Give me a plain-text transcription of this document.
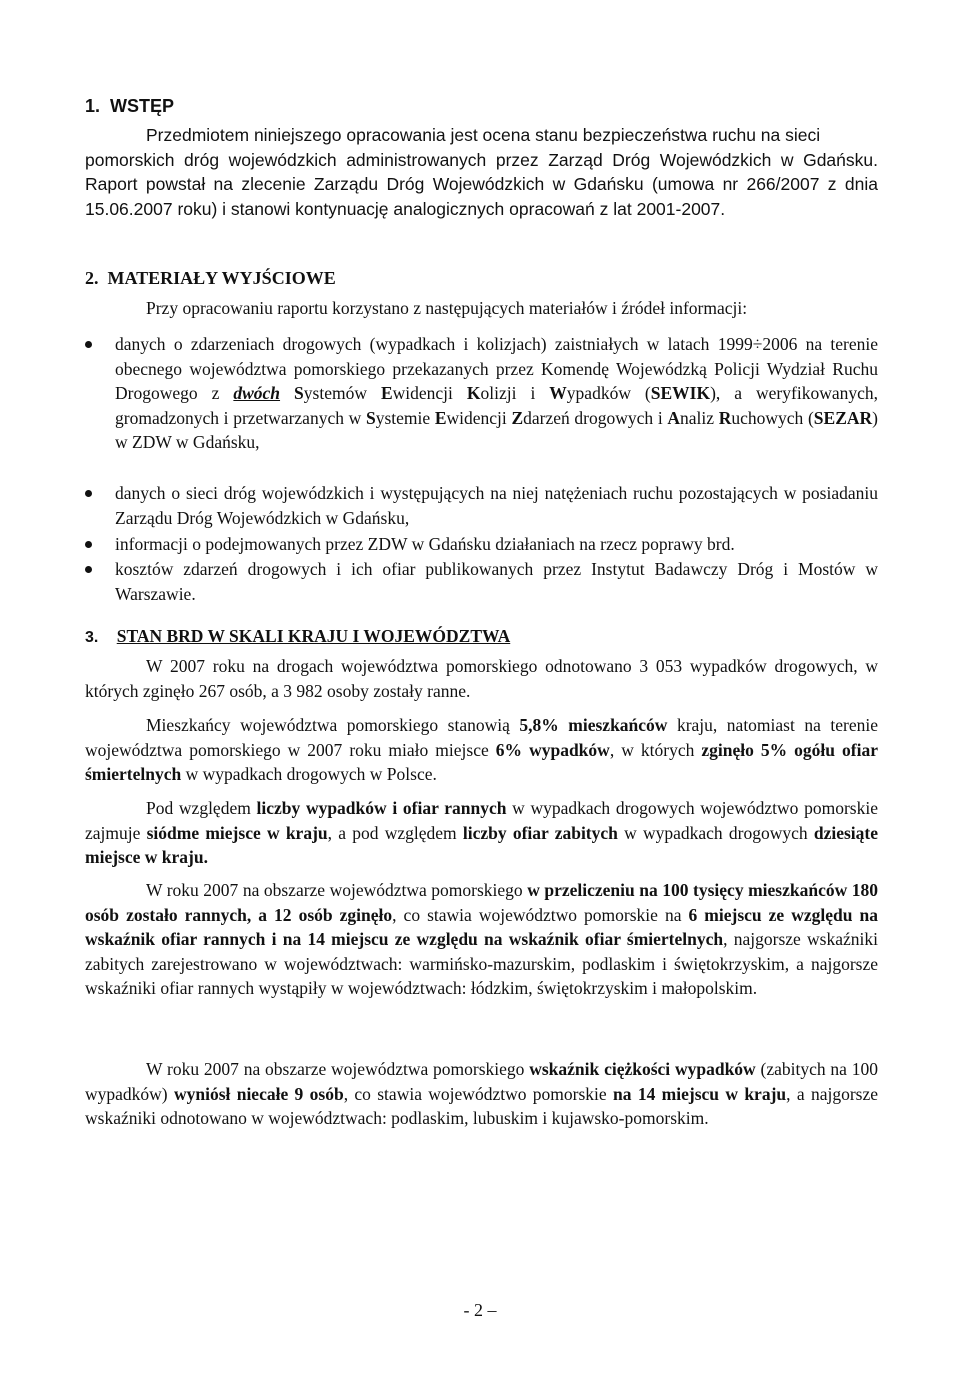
1.  WSTĘP
Przedmiotem niniejszego opracowania jest ocena stanu bezpieczeństwa ruchu na sieci
pomorskich dróg wojewódzkich administrowanych przez Zarząd Dróg Wojewódzkich w Gdańsku. Raport powstał na zlecenie Zarządu Dróg Wojewódzkich w Gdańsku (umowa nr 266/2007 z dnia 15.06.2007 roku) i stanowi kontynuację analogicznych opracowań z lat 2001-2007.
2.  MATERIAŁY WYJŚCIOWE
Przy opracowaniu raportu korzystano z następujących materiałów i źródeł informacji:
danych o zdarzeniach drogowych (wypadkach i kolizjach) zaistniałych w latach 1999÷2006 na terenie obecnego województwa pomorskiego przekazanych przez Komendę Wojewódzką Policji Wydział Ruchu Drogowego z dwóch Systemów Ewidencji Kolizji i Wypadków (SEWIK), a weryfikowanych, gromadzonych i przetwarzanych w Systemie Ewidencji Zdarzeń drogowych i Analiz Ruchowych (SEZAR) w ZDW w Gdańsku,
danych o sieci dróg wojewódzkich i występujących na niej natężeniach ruchu pozostających w posiadaniu Zarządu Dróg Wojewódzkich w Gdańsku,
informacji o podejmowanych przez ZDW w Gdańsku działaniach na rzecz poprawy brd.
kosztów zdarzeń drogowych i ich ofiar publikowanych przez Instytut Badawczy Dróg i Mostów w Warszawie.
3. STAN BRD W SKALI KRAJU I WOJEWÓDZTWA
W 2007 roku na drogach województwa pomorskiego odnotowano 3 053 wypadków drogowych, w których zginęło 267 osób, a 3 982 osoby zostały ranne.
Mieszkańcy województwa pomorskiego stanowią 5,8% mieszkańców kraju, natomiast na terenie województwa pomorskiego w 2007 roku miało miejsce 6% wypadków, w których zginęło 5% ogółu ofiar śmiertelnych w wypadkach drogowych w Polsce.
Pod względem liczby wypadków i ofiar rannych w wypadkach drogowych województwo pomorskie zajmuje siódme miejsce w kraju, a pod względem liczby ofiar zabitych w wypadkach drogowych dziesiąte miejsce w kraju.
W roku 2007 na obszarze województwa pomorskiego w przeliczeniu na 100 tysięcy mieszkańców 180 osób zostało rannych, a 12 osób zginęło, co stawia województwo pomorskie na 6 miejscu ze względu na wskaźnik ofiar rannych i na 14 miejscu ze względu na wskaźnik ofiar śmiertelnych, najgorsze wskaźniki zabitych zarejestrowano w województwach: warmińsko-mazurskim, podlaskim i świętokrzyskim, a najgorsze wskaźniki ofiar rannych wystąpiły w województwach: łódzkim, świętokrzyskim i małopolskim.
W roku 2007 na obszarze województwa pomorskiego wskaźnik ciężkości wypadków (zabitych na 100 wypadków) wyniósł niecałe 9 osób, co stawia województwo pomorskie na 14 miejscu w kraju, a najgorsze wskaźniki odnotowano w województwach: podlaskim, lubuskim i kujawsko-pomorskim.
- 2 –
